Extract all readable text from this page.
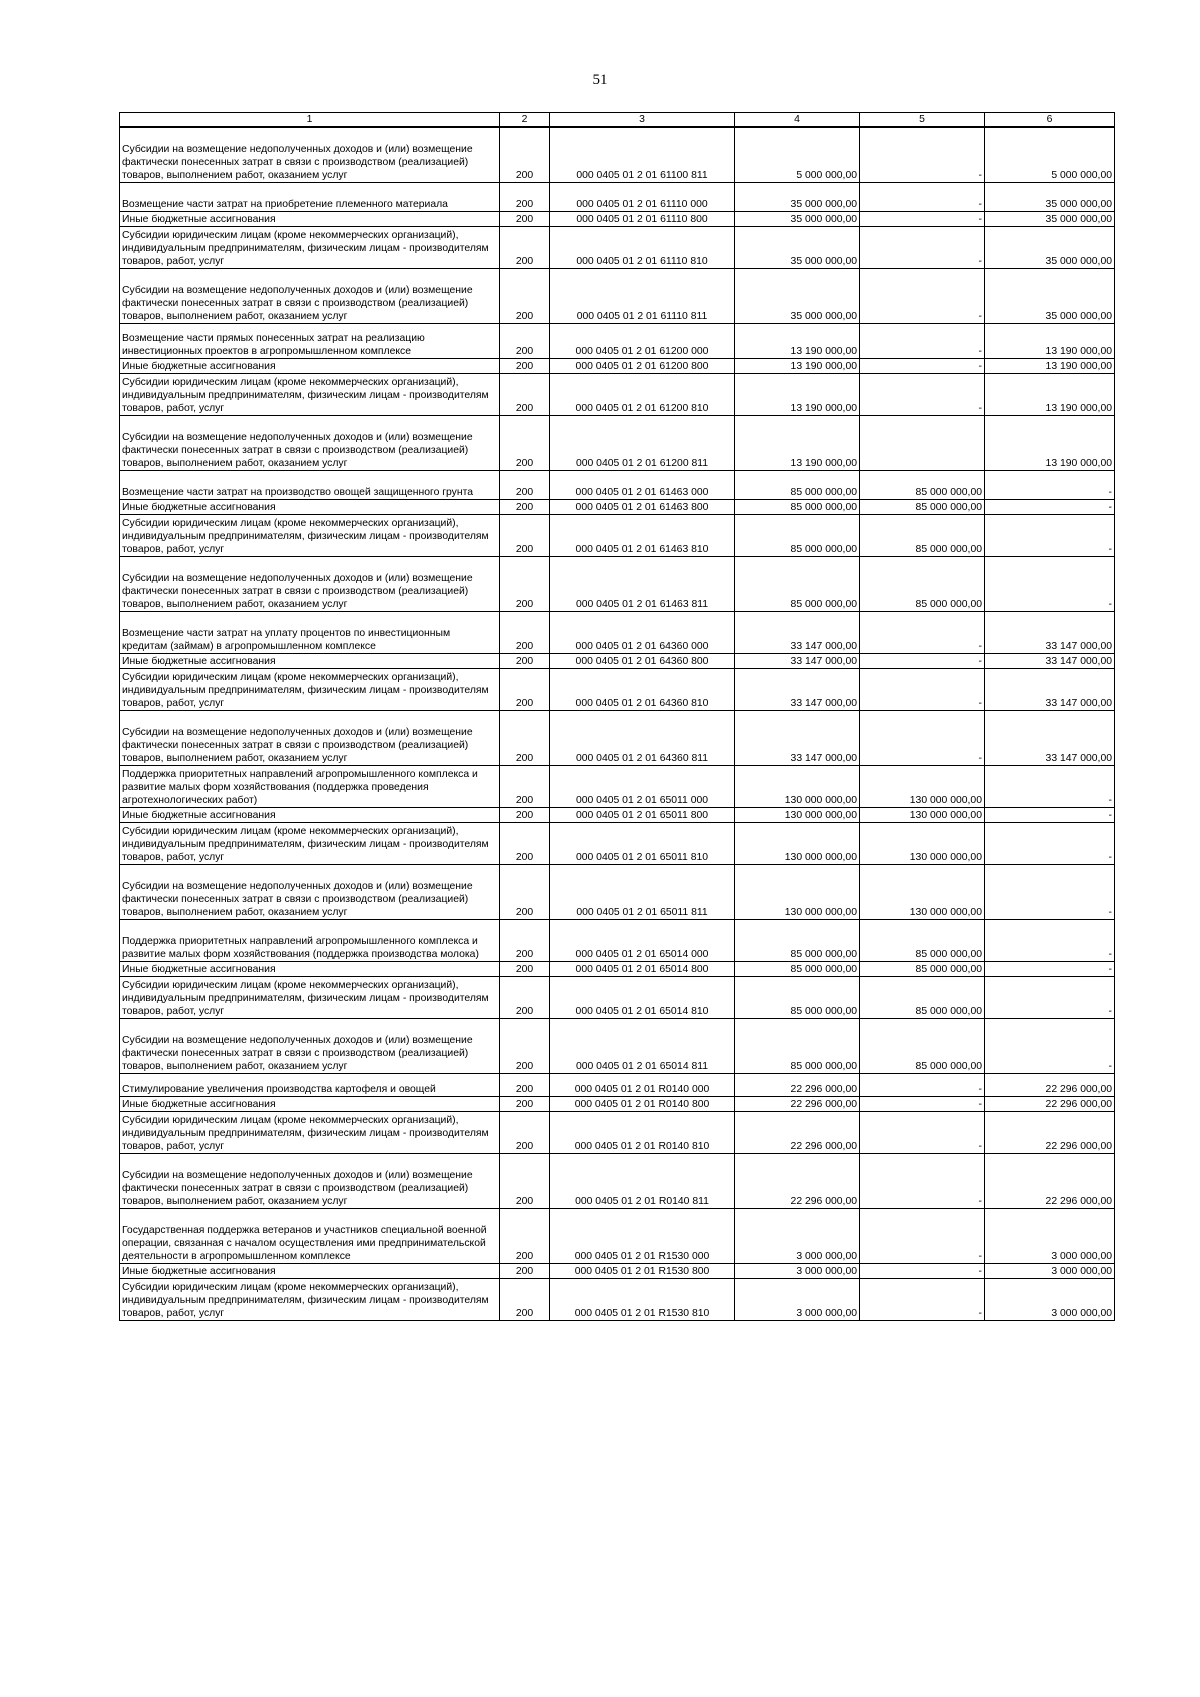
51
1	2	3	4	5	6
Субсидии на возмещение недополученных доходов и (или) возмещение фактически понесенных затрат в связи с производством (реализацией) товаров, выполнением работ, оказанием услуг	200	000 0405 01 2 01 61100 811	5 000 000,00	-	5 000 000,00
Возмещение части затрат на приобретение племенного материала	200	000 0405 01 2 01 61110 000	35 000 000,00	-	35 000 000,00
Иные бюджетные ассигнования	200	000 0405 01 2 01 61110 800	35 000 000,00	-	35 000 000,00
Субсидии юридическим лицам (кроме некоммерческих организаций), индивидуальным предпринимателям, физическим лицам - производителям товаров, работ, услуг	200	000 0405 01 2 01 61110 810	35 000 000,00	-	35 000 000,00
Субсидии на возмещение недополученных доходов и (или) возмещение фактически понесенных затрат в связи с производством (реализацией) товаров, выполнением работ, оказанием услуг	200	000 0405 01 2 01 61110 811	35 000 000,00	-	35 000 000,00
Возмещение части прямых понесенных затрат на реализацию инвестиционных проектов в агропромышленном комплексе	200	000 0405 01 2 01 61200 000	13 190 000,00	-	13 190 000,00
Иные бюджетные ассигнования	200	000 0405 01 2 01 61200 800	13 190 000,00	-	13 190 000,00
Субсидии юридическим лицам (кроме некоммерческих организаций), индивидуальным предпринимателям, физическим лицам - производителям товаров, работ, услуг	200	000 0405 01 2 01 61200 810	13 190 000,00	-	13 190 000,00
Субсидии на возмещение недополученных доходов и (или) возмещение фактически понесенных затрат в связи с производством (реализацией) товаров, выполнением работ, оказанием услуг	200	000 0405 01 2 01 61200 811	13 190 000,00		13 190 000,00
Возмещение части затрат на производство овощей защищенного грунта	200	000 0405 01 2 01 61463 000	85 000 000,00	85 000 000,00	-
Иные бюджетные ассигнования	200	000 0405 01 2 01 61463 800	85 000 000,00	85 000 000,00	-
Субсидии юридическим лицам (кроме некоммерческих организаций), индивидуальным предпринимателям, физическим лицам - производителям товаров, работ, услуг	200	000 0405 01 2 01 61463 810	85 000 000,00	85 000 000,00	-
Субсидии на возмещение недополученных доходов и (или) возмещение фактически понесенных затрат в связи с производством (реализацией) товаров, выполнением работ, оказанием услуг	200	000 0405 01 2 01 61463 811	85 000 000,00	85 000 000,00	-
Возмещение части затрат на уплату процентов по инвестиционным кредитам (займам) в агропромышленном комплексе	200	000 0405 01 2 01 64360 000	33 147 000,00	-	33 147 000,00
Иные бюджетные ассигнования	200	000 0405 01 2 01 64360 800	33 147 000,00	-	33 147 000,00
Субсидии юридическим лицам (кроме некоммерческих организаций), индивидуальным предпринимателям, физическим лицам - производителям товаров, работ, услуг	200	000 0405 01 2 01 64360 810	33 147 000,00	-	33 147 000,00
Субсидии на возмещение недополученных доходов и (или) возмещение фактически понесенных затрат в связи с производством (реализацией) товаров, выполнением работ, оказанием услуг	200	000 0405 01 2 01 64360 811	33 147 000,00	-	33 147 000,00
Поддержка приоритетных направлений агропромышленного комплекса и развитие малых форм хозяйствования (поддержка проведения агротехнологических работ)	200	000 0405 01 2 01 65011 000	130 000 000,00	130 000 000,00	-
Иные бюджетные ассигнования	200	000 0405 01 2 01 65011 800	130 000 000,00	130 000 000,00	-
Субсидии юридическим лицам (кроме некоммерческих организаций), индивидуальным предпринимателям, физическим лицам - производителям товаров, работ, услуг	200	000 0405 01 2 01 65011 810	130 000 000,00	130 000 000,00	-
Субсидии на возмещение недополученных доходов и (или) возмещение фактически понесенных затрат в связи с производством (реализацией) товаров, выполнением работ, оказанием услуг	200	000 0405 01 2 01 65011 811	130 000 000,00	130 000 000,00	-
Поддержка приоритетных направлений агропромышленного комплекса и развитие малых форм хозяйствования (поддержка производства молока)	200	000 0405 01 2 01 65014 000	85 000 000,00	85 000 000,00	-
Иные бюджетные ассигнования	200	000 0405 01 2 01 65014 800	85 000 000,00	85 000 000,00	-
Субсидии юридическим лицам (кроме некоммерческих организаций), индивидуальным предпринимателям, физическим лицам - производителям товаров, работ, услуг	200	000 0405 01 2 01 65014 810	85 000 000,00	85 000 000,00	-
Субсидии на возмещение недополученных доходов и (или) возмещение фактически понесенных затрат в связи с производством (реализацией) товаров, выполнением работ, оказанием услуг	200	000 0405 01 2 01 65014 811	85 000 000,00	85 000 000,00	-
Стимулирование увеличения производства картофеля и овощей	200	000 0405 01 2 01 R0140 000	22 296 000,00	-	22 296 000,00
Иные бюджетные ассигнования	200	000 0405 01 2 01 R0140 800	22 296 000,00	-	22 296 000,00
Субсидии юридическим лицам (кроме некоммерческих организаций), индивидуальным предпринимателям, физическим лицам - производителям товаров, работ, услуг	200	000 0405 01 2 01 R0140 810	22 296 000,00	-	22 296 000,00
Субсидии на возмещение недополученных доходов и (или) возмещение фактически понесенных затрат в связи с производством (реализацией) товаров, выполнением работ, оказанием услуг	200	000 0405 01 2 01 R0140 811	22 296 000,00	-	22 296 000,00
Государственная поддержка ветеранов и участников специальной военной операции, связанная с началом осуществления ими предпринимательской деятельности в агропромышленном комплексе	200	000 0405 01 2 01 R1530 000	3 000 000,00	-	3 000 000,00
Иные бюджетные ассигнования	200	000 0405 01 2 01 R1530 800	3 000 000,00	-	3 000 000,00
Субсидии юридическим лицам (кроме некоммерческих организаций), индивидуальным предпринимателям, физическим лицам - производителям товаров, работ, услуг	200	000 0405 01 2 01 R1530 810	3 000 000,00	-	3 000 000,00
